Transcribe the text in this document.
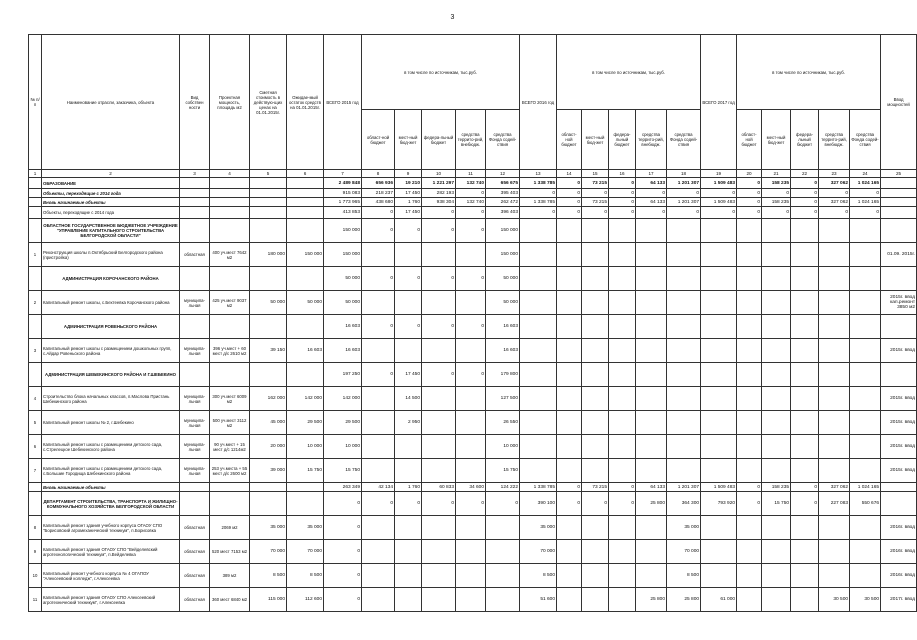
3
№ п/п	Наименование отрасли, заказчика, объекта	Вид собствен ности	Проектная мощность, площадь м2	Сметная стоимость в действую-щих ценах на 01.01.2015г.	Ожидае-мый остаток средств на 01.01.2015г.	ВСЕГО 2015 год	в том числе по источникам, тыс.руб.					ВСЕГО 2016 год	в том числе по источникам, тыс.руб.					ВСЕГО 2017 год	в том числе по источникам, тыс.руб.					Ввод мощностей
							област-ной бюджет	мест-ный бюд-жет	федера-льный бюджет	средства террито-рий, внебюдж.	средства Фонда содей-ствия		област-ной бюджет	мест-ный бюд-жет	федера-льный бюджет	средства террито-рий, внебюдж.	средства Фонда содей-ствия		област-ной бюджет	мест-ный бюд-жет	федера-льный бюджет	средства террито-рий, внебюдж.	средства Фонда содей-ствия	
1	2	3	4	5	6	7	8	9	10	11	12	13	14	15	16	17	18	19	20	21	22	23	24	25
	ОБРАЗОВАНИЕ					2 489 848	656 936	19 210	1 221 297	132 740	656 675	1 338 785	0	73 215	0	64 133	1 201 307	1 509 483	0	158 235	0	327 062	1 024 165	
	Объекты, переходящие с 2014 года					915 083	218 237	17 450	282 193	0	395 403	0	0	0	0	0	0	0	0	0	0	0	0	
	Вновь начинаемые объекты					1 773 965	438 680	1 760	938 304	132 740	262 472	1 338 785	0	73 215	0	64 133	1 201 307	1 509 483	0	158 235	0	327 062	1 024 165	
	Объекты, переходящие с 2014 года					413 853	0	17 450	0	0	396 403	0	0	0	0	0	0	0	0	0	0	0	0	
	ОБЛАСТНОЕ ГОСУДАРСТВЕННОЕ БЮДЖЕТНОЕ УЧРЕЖДЕНИЕ "УПРАВЛЕНИЕ КАПИТАЛЬНОГО СТРОИТЕЛЬСТВА БЕЛГОРОДСКОЙ ОБЛАСТИ"					150 000	0	0	0	0	150 000													
1	Реконструкция школы п.Октябрьский Белгородского района (пристройка)	областная	400 уч.мест 7642 м2	180 000	150 000	150 000					150 000													01.09. 2015г.
	АДМИНИСТРАЦИЯ КОРОЧАНСКОГО РАЙОНА					50 000	0	0	0	0	50 000													
2	Капитальный ремонт школы, с.Бехтеевка Корочанского района	муниципа-льная	425 уч.мест 9037 м2	50 000	50 000	50 000					50 000													2015г. ввод кап.ремонт 3850 м2
	АДМИНИСТРАЦИЯ РОВЕНЬСКОГО РАЙОНА					16 603	0	0	0	0	16 603													
3	Капитальный ремонт школы с размещением дошкольных групп, с.Айдар Ровеньского района	муниципа-льная	396 уч.мест + 60 мест д/с 2610 м2	39 150	16 603	16 603					16 603													2015г. ввод
	АДМИНИСТРАЦИЯ ШЕБЕКИНСКОГО РАЙОНА И Г.ШЕБЕКИНО					197 250	0	17 450	0	0	179 800													
4	Строительство блока начальных классов, п.Маслова Пристань Шебекинского района	муниципа-льная	300 уч.мест 6009 м2	162 000	142 000	142 000		14 500			127 500													2015г. ввод
5	Капитальный ремонт школы № 2, г.Шебекино	муниципа-льная	500 уч.мест 3112 м2	45 000	29 500	29 500		2 950			26 550													2015г. ввод
6	Капитальный ремонт школы с размещением детского сада, с.Стрелецкое Шебекинского района	муниципа-льная	90 уч.мест + 15 мест д/с 1214м2	20 000	10 000	10 000					10 000													2015г. ввод
7	Капитальный ремонт школы с размещением детского сада, с.Большие Городища Шебекинского района	муниципа-льная	253 уч.места + 55 мест д/с 2600 м2	39 000	15 750	15 750					15 750													2015г. ввод
	Вновь начинаемые объекты					263 349	42 134	1 760	60 833	34 600	124 222	1 338 785	0	73 215	0	64 133	1 201 307	1 509 483	0	158 235	0	327 062	1 024 165	
	ДЕПАРТАМЕНТ СТРОИТЕЛЬСТВА, ТРАНСПОРТА И ЖИЛИЩНО-КОММУНАЛЬНОГО ХОЗЯЙСТВА БЕЛГОРОДСКОЙ ОБЛАСТИ					0	0	0	0	0	0	390 100	0	0	0	25 800	364 300	793 920	0	15 750	0	227 083	550 676	
8	Капитальный ремонт здания учебного корпуса ОГАОУ СПО "Борисовский агромеханический техникум", п.Борисовка	областная	2069 м2	35 000	35 000	0						35 000					35 000							2016г. ввод
9	Капитальный ремонт здания ОГАОУ СПО "Вейделевский агротехнологический техникум", п.Вейделевка	областная	520 мест 7153 м2	70 000	70 000	0						70 000					70 000							2016г. ввод
10	Капитальный ремонт учебного корпуса № 4 ОГАПОУ "Алексеевский колледж", г.Алексеевка	областная	389 м2	8 500	8 500	0						8 500					8 500							2016г. ввод
11	Капитальный ремонт здания ОГАОУ СПО Алексеевский агротехнический техникум", г.Алексеевка	областная	360 мест 6840 м2	115 000	112 600	0						51 600				25 800	25 800	61 000				30 500	30 500	2017г. ввод
